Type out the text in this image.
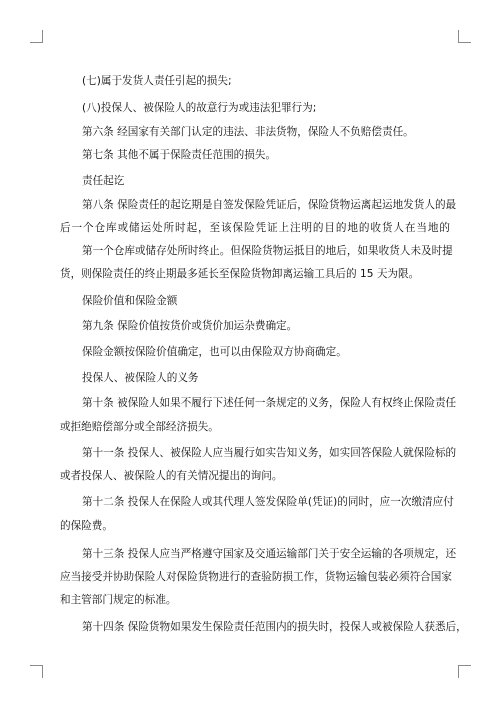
(七)属于发货人责任引起的损失;
(八)投保人、被保险人的故意行为或违法犯罪行为;
第六条 经国家有关部门认定的违法、非法货物，保险人不负赔偿责任。
第七条 其他不属于保险责任范围的损失。
责任起讫
第八条 保险责任的起讫期是自签发保险凭证后，保险货物运离起运地发货人的最
后一个仓库或储运处所时起，至该保险凭证上注明的目的地的收货人在当地的
第一个仓库或储存处所时终止。但保险货物运抵目的地后，如果收货人未及时提
货，则保险责任的终止期最多延长至保险货物卸离运输工具后的 15 天为限。
保险价值和保险金额
第九条 保险价值按货价或货价加运杂费确定。
保险金额按保险价值确定，也可以由保险双方协商确定。
投保人、被保险人的义务
第十条 被保险人如果不履行下述任何一条规定的义务，保险人有权终止保险责任
或拒绝赔偿部分或全部经济损失。
第十一条 投保人、被保险人应当履行如实告知义务，如实回答保险人就保险标的
或者投保人、被保险人的有关情况提出的询问。
第十二条 投保人在保险人或其代理人签发保险单(凭证)的同时，应一次缴清应付
的保险费。
第十三条 投保人应当严格遵守国家及交通运输部门关于安全运输的各项规定，还
应当接受并协助保险人对保险货物进行的查验防损工作，货物运输包装必须符合国家
和主管部门规定的标准。
第十四条 保险货物如果发生保险责任范围内的损失时，投保人或被保险人获悉后，
